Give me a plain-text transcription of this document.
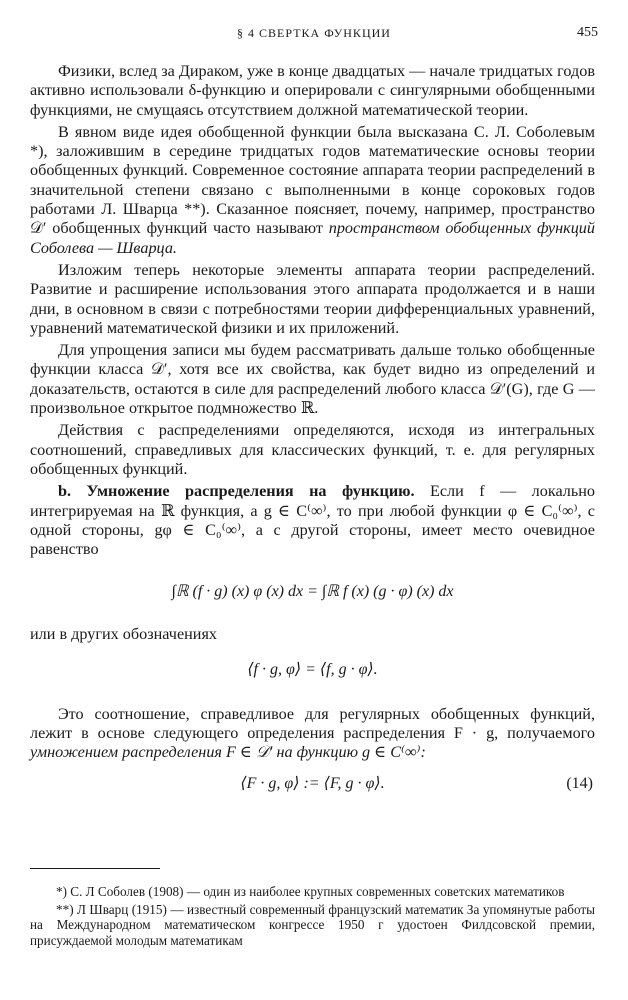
§ 4 СВЕРТКА ФУНКЦИИ	455

Физики, вслед за Дираком, уже в конце двадцатых — начале тридцатых годов активно использовали δ-функцию и оперировали с сингулярными обобщенными функциями, не смущаясь отсутствием должной математической теории.

В явном виде идея обобщенной функции была высказана С. Л. Соболевым *), заложившим в середине тридцатых годов математические основы теории обобщенных функций. Современное состояние аппарата теории распределений в значительной степени связано с выполненными в конце сороковых годов работами Л. Шварца **). Сказанное поясняет, почему, например, пространство 𝒟′ обобщенных функций часто называют пространством обобщенных функций Соболева — Шварца.

Изложим теперь некоторые элементы аппарата теории распределений. Развитие и расширение использования этого аппарата продолжается и в наши дни, в основном в связи с потребностями теории дифференциальных уравнений, уравнений математической физики и их приложений.

Для упрощения записи мы будем рассматривать дальше только обобщенные функции класса 𝒟′, хотя все их свойства, как будет видно из определений и доказательств, остаются в силе для распределений любого класса 𝒟′(G), где G — произвольное открытое подмножество ℝ.

Действия с распределениями определяются, исходя из интегральных соотношений, справедливых для классических функций, т. е. для регулярных обобщенных функций.

b. Умножение распределения на функцию. Если f — локально интегрируемая на ℝ функция, а g ∈ C⁽∞⁾, то при любой функции φ ∈ C₀⁽∞⁾, с одной стороны, gφ ∈ C₀⁽∞⁾, а с другой стороны, имеет место очевидное равенство

∫ℝ (f · g) (x) φ (x) dx = ∫ℝ f (x) (g · φ) (x) dx

или в других обозначениях

⟨f · g, φ⟩ = ⟨f, g · φ⟩.

Это соотношение, справедливое для регулярных обобщенных функций, лежит в основе следующего определения распределения F · g, получаемого умножением распределения F ∈ 𝒟′ на функцию g ∈ C⁽∞⁾:

⟨F · g, φ⟩ := ⟨F, g · φ⟩.	(14)

*) С. Л Соболев (1908) — один из наиболее крупных современных советских математиков

**) Л Шварц (1915) — известный современный французский математик За упомянутые работы на Международном математическом конгрессе 1950 г удостоен Филдсовской премии, присуждаемой молодым математикам
